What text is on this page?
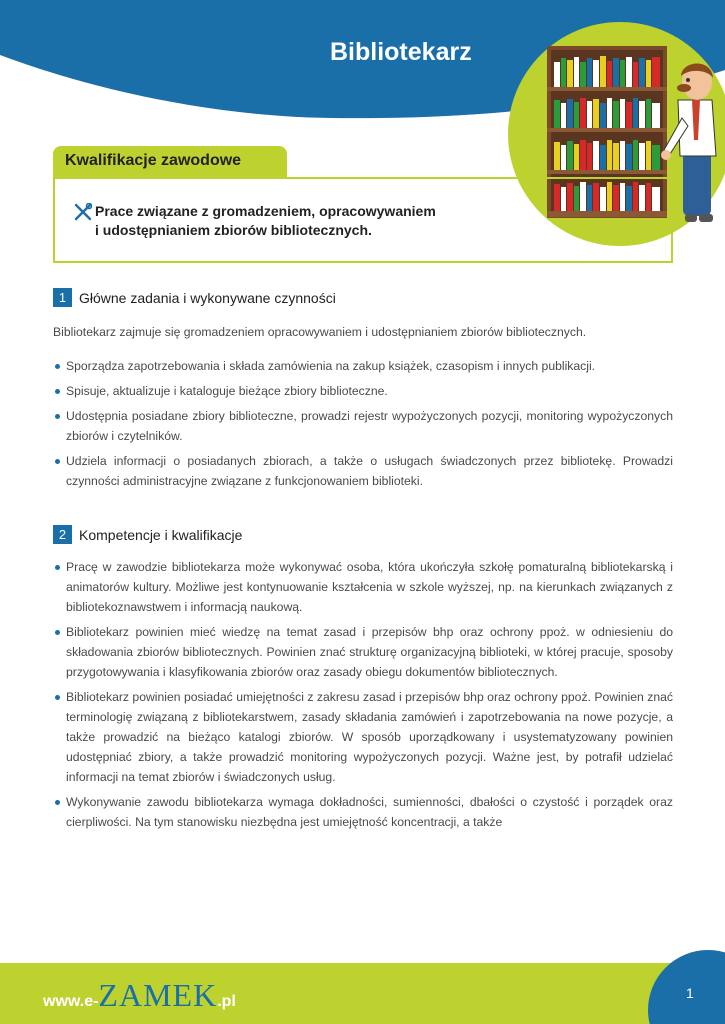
Bibliotekarz
Kwalifikacje zawodowe
Prace związane z gromadzeniem, opracowywaniem
i udostępnianiem zbiorów bibliotecznych.
1 Główne zadania i wykonywane czynności

Bibliotekarz zajmuje się gromadzeniem opracowywaniem i udostępnianiem zbiorów bibliotecznych.

Sporządza zapotrzebowania i składa zamówienia na zakup książek, czasopism i innych publikacji.
Spisuje, aktualizuje i kataloguje bieżące zbiory biblioteczne.
Udostępnia posiadane zbiory biblioteczne, prowadzi rejestr wypożyczonych pozycji, monitoring wypożyczonych zbiorów i czytelników.
Udziela informacji o posiadanych zbiorach, a także o usługach świadczonych przez bibliotekę. Prowadzi czynności administracyjne związane z funkcjonowaniem biblioteki.
2 Kompetencje i kwalifikacje
Pracę w zawodzie bibliotekarza może wykonywać osoba, która ukończyła szkołę pomaturalną bibliotekarską i animatorów kultury. Możliwe jest kontynuowanie kształcenia w szkole wyższej, np. na kierunkach związanych z bibliotekoznawstwem i informacją naukową.
Bibliotekarz powinien mieć wiedzę na temat zasad i przepisów bhp oraz ochrony ppoż. w odniesieniu do składowania zbiorów bibliotecznych. Powinien znać strukturę organizacyjną biblioteki, w której pracuje, sposoby przygotowywania i klasyfikowania zbiorów oraz zasady obiegu dokumentów bibliotecznych.
Bibliotekarz powinien posiadać umiejętności z zakresu zasad i przepisów bhp oraz ochrony ppoż. Powinien znać terminologię związaną z bibliotekarstwem, zasady składania zamówień i zapotrzebowania na nowe pozycje, a także prowadzić na bieżąco katalogi zbiorów. W sposób uporządkowany i usystematyzowany powinien udostępniać zbiory, a także prowadzić monitoring wypożyczonych pozycji. Ważne jest, by potrafił udzielać informacji na temat zbiorów i świadczonych usług.
Wykonywanie zawodu bibliotekarza wymaga dokładności, sumienności, dbałości o czystość i porządek oraz cierpliwości. Na tym stanowisku niezbędna jest umiejętność koncentracji, a także
1
www.e- ZAMEK .pl
